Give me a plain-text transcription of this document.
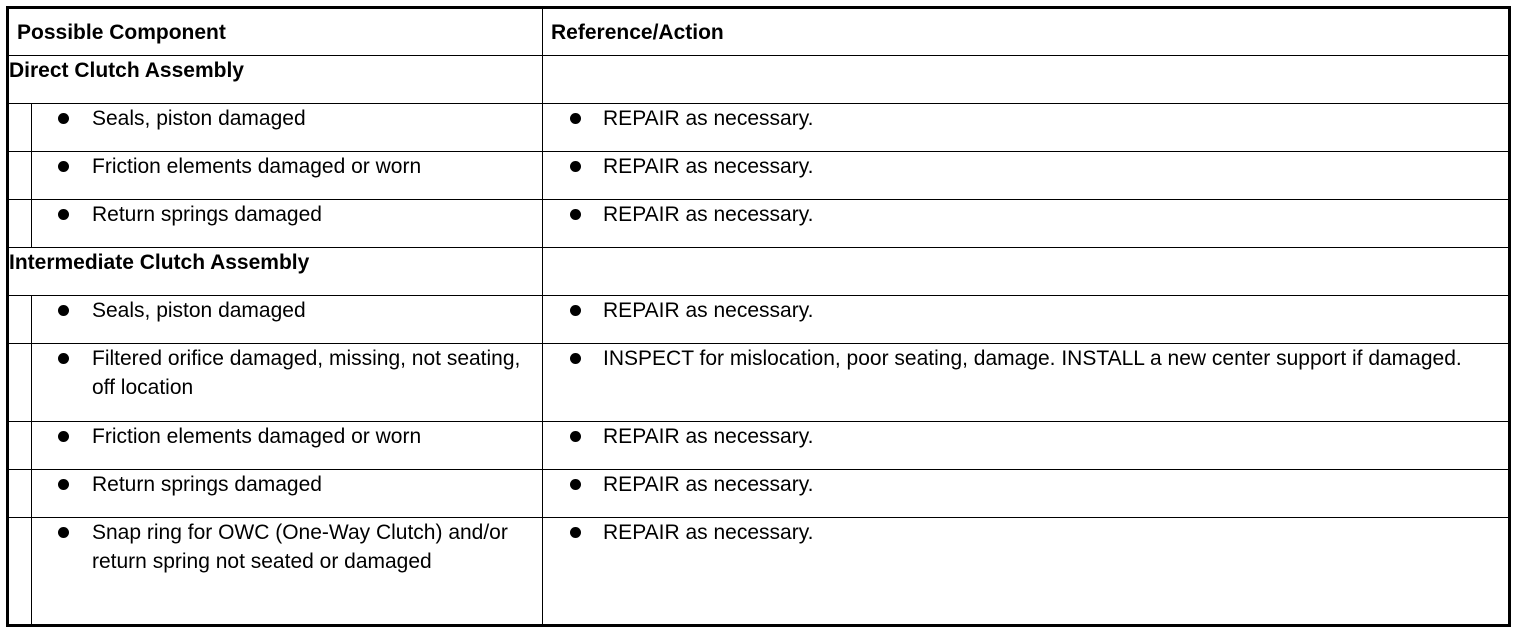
Possible Component		Reference/Action
Direct Clutch Assembly		

	Seals, piston damaged	REPAIR as necessary.

	Friction elements damaged or worn	REPAIR as necessary.

	Return springs damaged	REPAIR as necessary.

Intermediate Clutch Assembly		

	Seals, piston damaged	REPAIR as necessary.

	Filtered orifice damaged, missing, not seating, off location	INSPECT for mislocation, poor seating, damage. INSTALL a new center support if damaged.

	Friction elements damaged or worn	REPAIR as necessary.

	Return springs damaged	REPAIR as necessary.

	Snap ring for OWC (One-Way Clutch) and/or return spring not seated or damaged	REPAIR as necessary.
